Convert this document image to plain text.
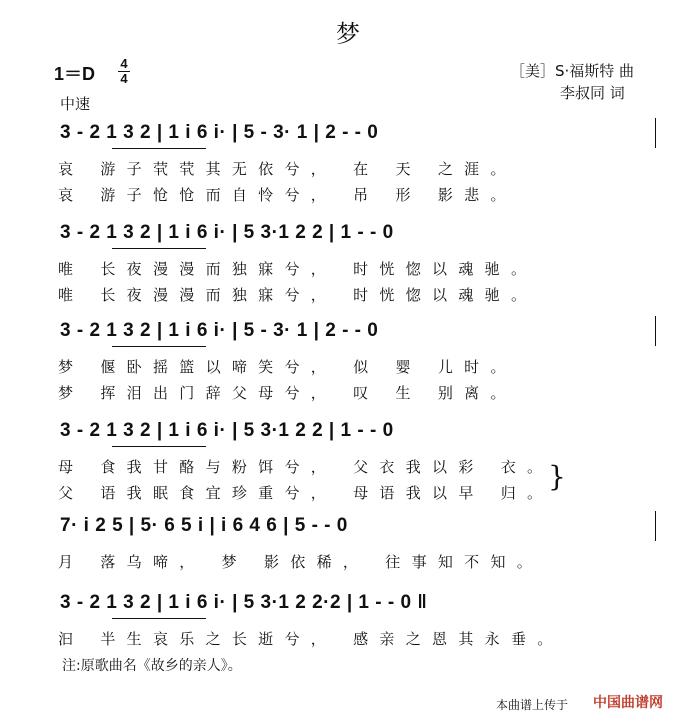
梦
1＝D
4
4
中速
［美］S·福斯特 曲
李叔同 词
3 - 2 1 3 2 | 1 i 6 i· | 5 - 3· 1 | 2 - - 0
哀 游子茕茕其无依兮， 在 天 之涯。
哀 游子怆怆而自怜兮， 吊 形 影悲。
3 - 2 1 3 2 | 1 i 6 i· | 5 3·1 2 2 | 1 - - 0
唯 长夜漫漫而独寐兮， 时恍惚以魂驰。
唯 长夜漫漫而独寐兮， 时恍惚以魂驰。
3 - 2 1 3 2 | 1 i 6 i· | 5 - 3· 1 | 2 - - 0
梦 偃卧摇篮以啼笑兮， 似 婴 儿时。
梦 挥泪出门辞父母兮， 叹 生 别离。
3 - 2 1 3 2 | 1 i 6 i· | 5 3·1 2 2 | 1 - - 0
母 食我甘酪与粉饵兮， 父衣我以彩 衣。
父 语我眠食宜珍重兮， 母语我以早 归。
}
7· i 2 5 | 5· 6 5 i | i 6 4 6 | 5 - - 0
月 落乌啼， 梦 影依稀， 往事知不知。
3 - 2 1 3 2 | 1 i 6 i· | 5 3·1 2 2·2 | 1 - - 0 ‖
汩 半生哀乐之长逝兮， 感亲之恩其永垂。
注:原歌曲名《故乡的亲人》。
本曲谱上传于 中国曲谱网
